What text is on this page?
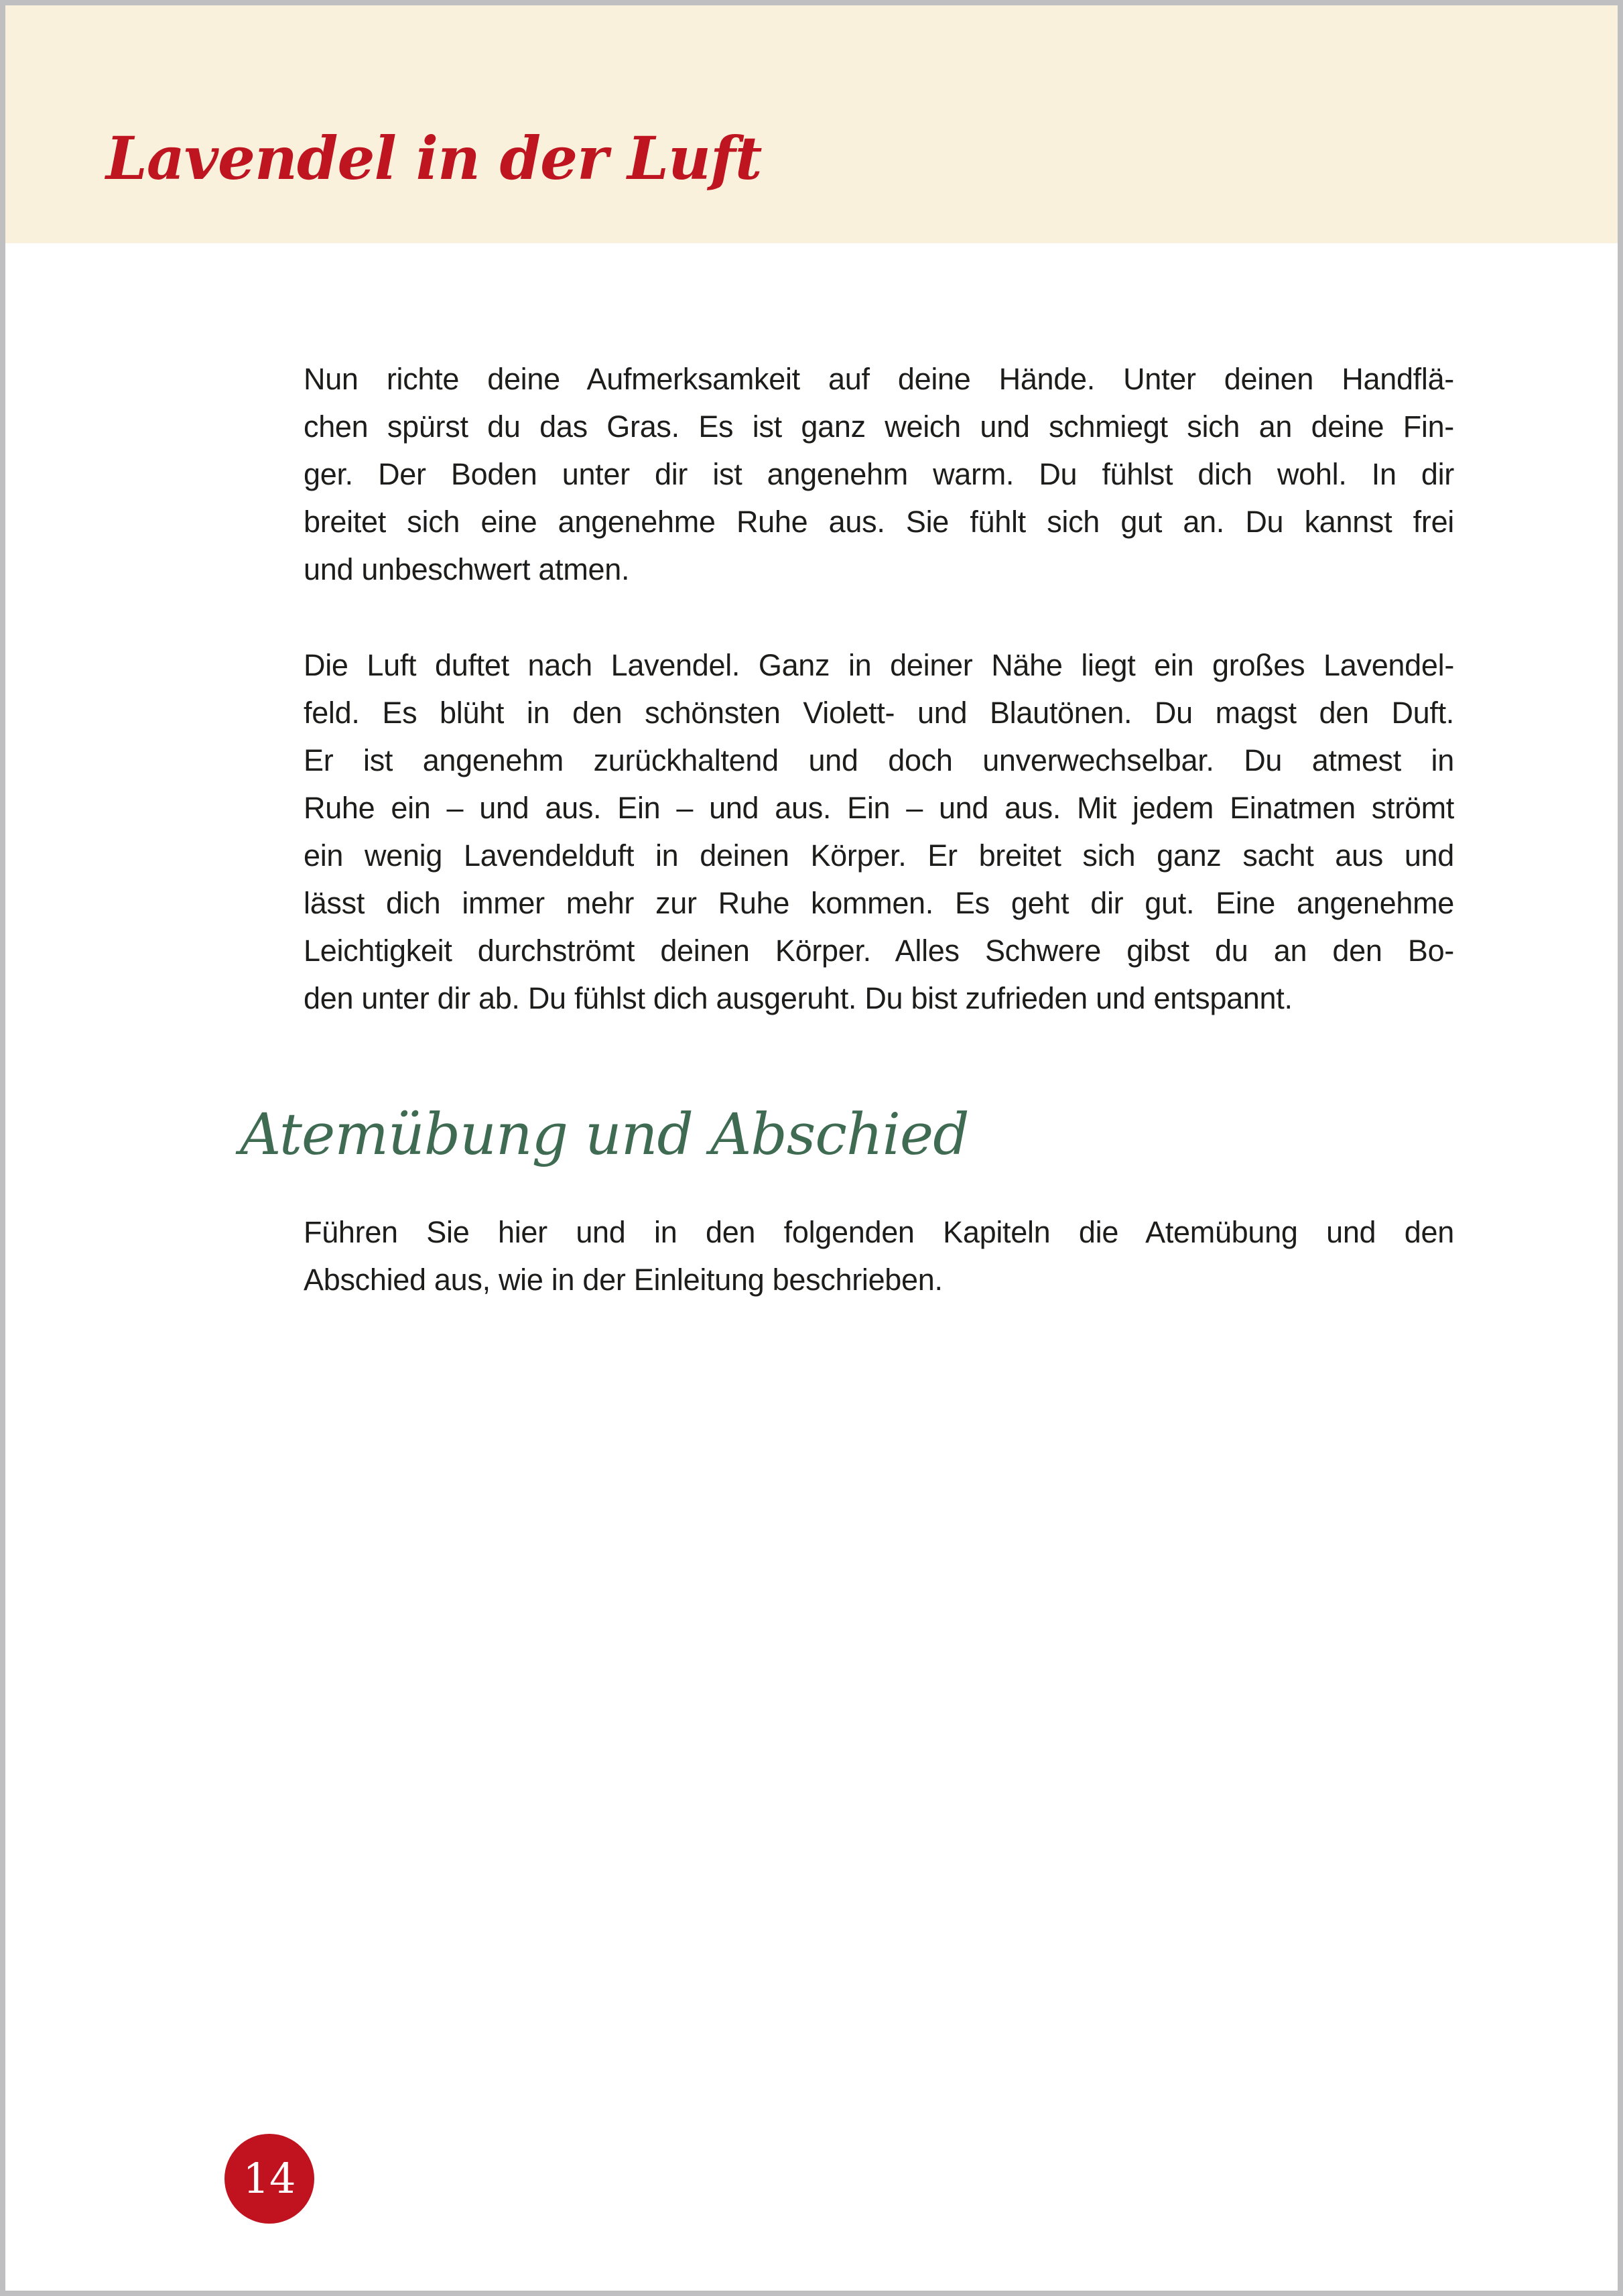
Lavendel in der Luft
Nun richte deine Aufmerksamkeit auf deine Hände. Unter deinen Handflä-
chen spürst du das Gras. Es ist ganz weich und schmiegt sich an deine Fin-
ger. Der Boden unter dir ist angenehm warm. Du fühlst dich wohl. In dir
breitet sich eine angenehme Ruhe aus. Sie fühlt sich gut an. Du kannst frei
und unbeschwert atmen.
Die Luft duftet nach Lavendel. Ganz in deiner Nähe liegt ein großes Lavendel-
feld. Es blüht in den schönsten Violett- und Blautönen. Du magst den Duft.
Er ist angenehm zurückhaltend und doch unverwechselbar. Du atmest in
Ruhe ein – und aus. Ein – und aus. Ein – und aus. Mit jedem Einatmen strömt
ein wenig Lavendelduft in deinen Körper. Er breitet sich ganz sacht aus und
lässt dich immer mehr zur Ruhe kommen. Es geht dir gut. Eine angenehme
Leichtigkeit durchströmt deinen Körper. Alles Schwere gibst du an den Bo-
den unter dir ab. Du fühlst dich ausgeruht. Du bist zufrieden und entspannt.
Atemübung und Abschied
Führen Sie hier und in den folgenden Kapiteln die Atemübung und den
Abschied aus, wie in der Einleitung beschrieben.
14
